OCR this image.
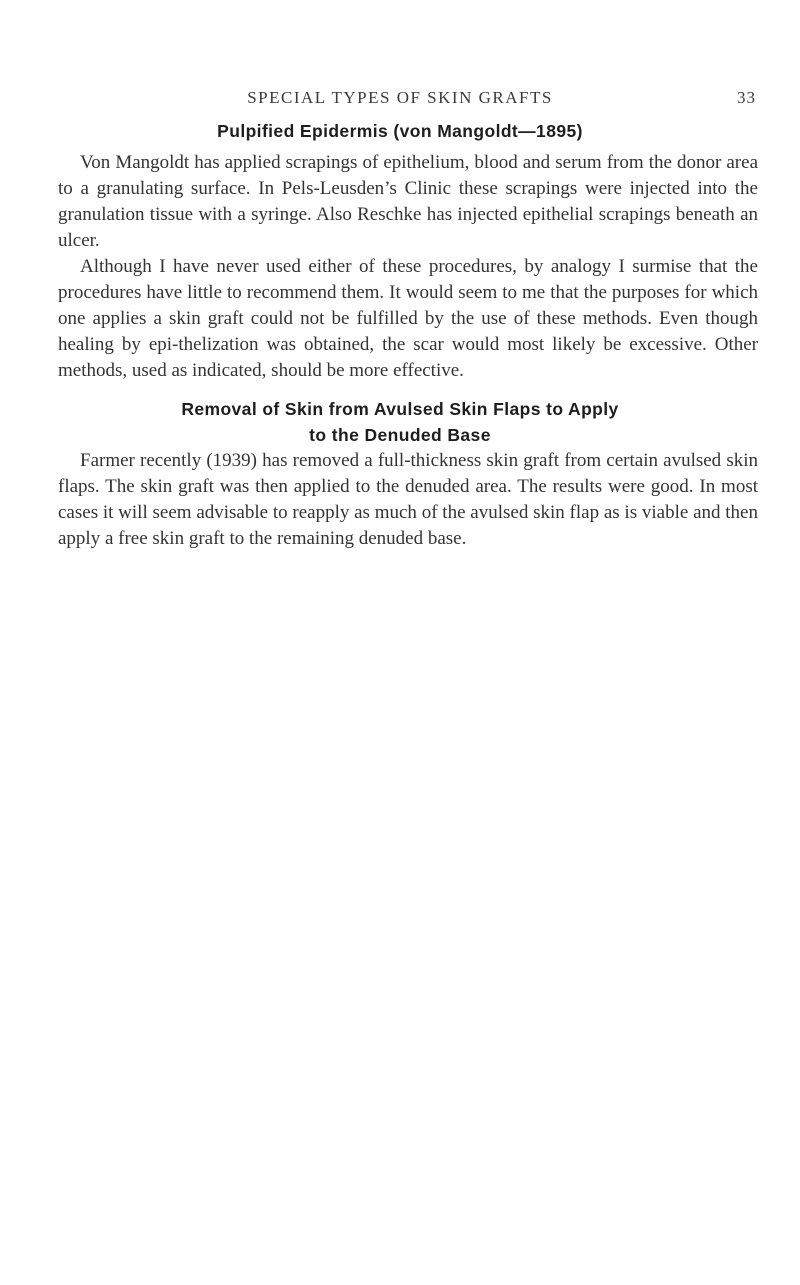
SPECIAL TYPES OF SKIN GRAFTS	33
Pulpified Epidermis (von Mangoldt—1895)

Von Mangoldt has applied scrapings of epithelium, blood and serum from the donor area to a granulating surface. In Pels-Leusden’s Clinic these scrapings were injected into the granulation tissue with a syringe. Also Reschke has injected epithelial scrapings beneath an ulcer.

Although I have never used either of these procedures, by analogy I surmise that the procedures have little to recommend them. It would seem to me that the purposes for which one applies a skin graft could not be fulfilled by the use of these methods. Even though healing by epi-thelization was obtained, the scar would most likely be excessive. Other methods, used as indicated, should be more effective.

Removal of Skin from Avulsed Skin Flaps to Apply
to the Denuded Base

Farmer recently (1939) has removed a full-thickness skin graft from certain avulsed skin flaps. The skin graft was then applied to the denuded area. The results were good. In most cases it will seem advisable to reapply as much of the avulsed skin flap as is viable and then apply a free skin graft to the remaining denuded base.
